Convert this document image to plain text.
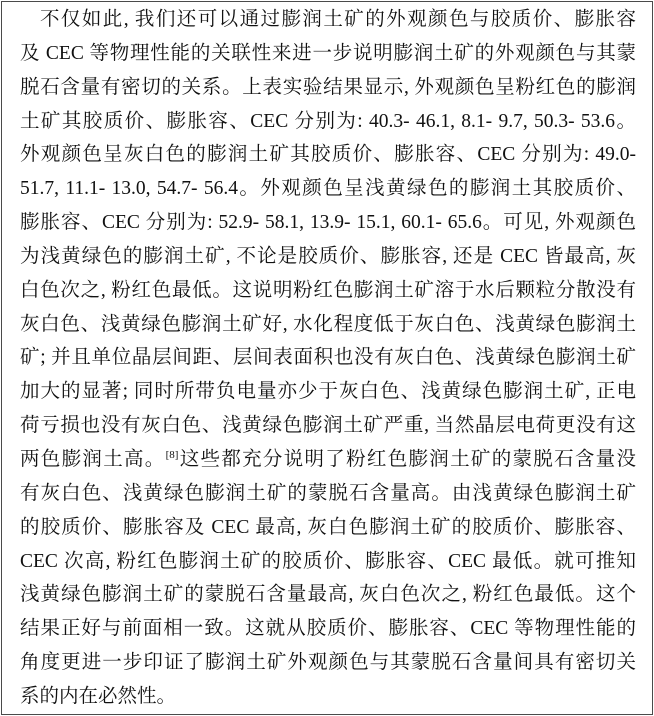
不仅如此, 我们还可以通过膨润土矿的外观颜色与胶质价、膨胀容
及 CEC 等物理性能的关联性来进一步说明膨润土矿的外观颜色与其蒙
脱石含量有密切的关系。上表实验结果显示, 外观颜色呈粉红色的膨润
土矿其胶质价、膨胀容、CEC 分别为: 40.3- 46.1, 8.1- 9.7, 50.3- 53.6。
外观颜色呈灰白色的膨润土矿其胶质价、膨胀容、CEC 分别为: 49.0-
51.7, 11.1- 13.0, 54.7- 56.4。外观颜色呈浅黄绿色的膨润土其胶质价、
膨胀容、CEC 分别为: 52.9- 58.1, 13.9- 15.1, 60.1- 65.6。可见, 外观颜色
为浅黄绿色的膨润土矿, 不论是胶质价、膨胀容, 还是 CEC 皆最高, 灰
白色次之, 粉红色最低。这说明粉红色膨润土矿溶于水后颗粒分散没有
灰白色、浅黄绿色膨润土矿好, 水化程度低于灰白色、浅黄绿色膨润土
矿; 并且单位晶层间距、层间表面积也没有灰白色、浅黄绿色膨润土矿
加大的显著; 同时所带负电量亦少于灰白色、浅黄绿色膨润土矿, 正电
荷亏损也没有灰白色、浅黄绿色膨润土矿严重, 当然晶层电荷更没有这
两色膨润土高。[8]这些都充分说明了粉红色膨润土矿的蒙脱石含量没
有灰白色、浅黄绿色膨润土矿的蒙脱石含量高。由浅黄绿色膨润土矿
的胶质价、膨胀容及 CEC 最高, 灰白色膨润土矿的胶质价、膨胀容、
CEC 次高, 粉红色膨润土矿的胶质价、膨胀容、CEC 最低。就可推知
浅黄绿色膨润土矿的蒙脱石含量最高, 灰白色次之, 粉红色最低。这个
结果正好与前面相一致。这就从胶质价、膨胀容、CEC 等物理性能的
角度更进一步印证了膨润土矿外观颜色与其蒙脱石含量间具有密切关
系的内在必然性。
